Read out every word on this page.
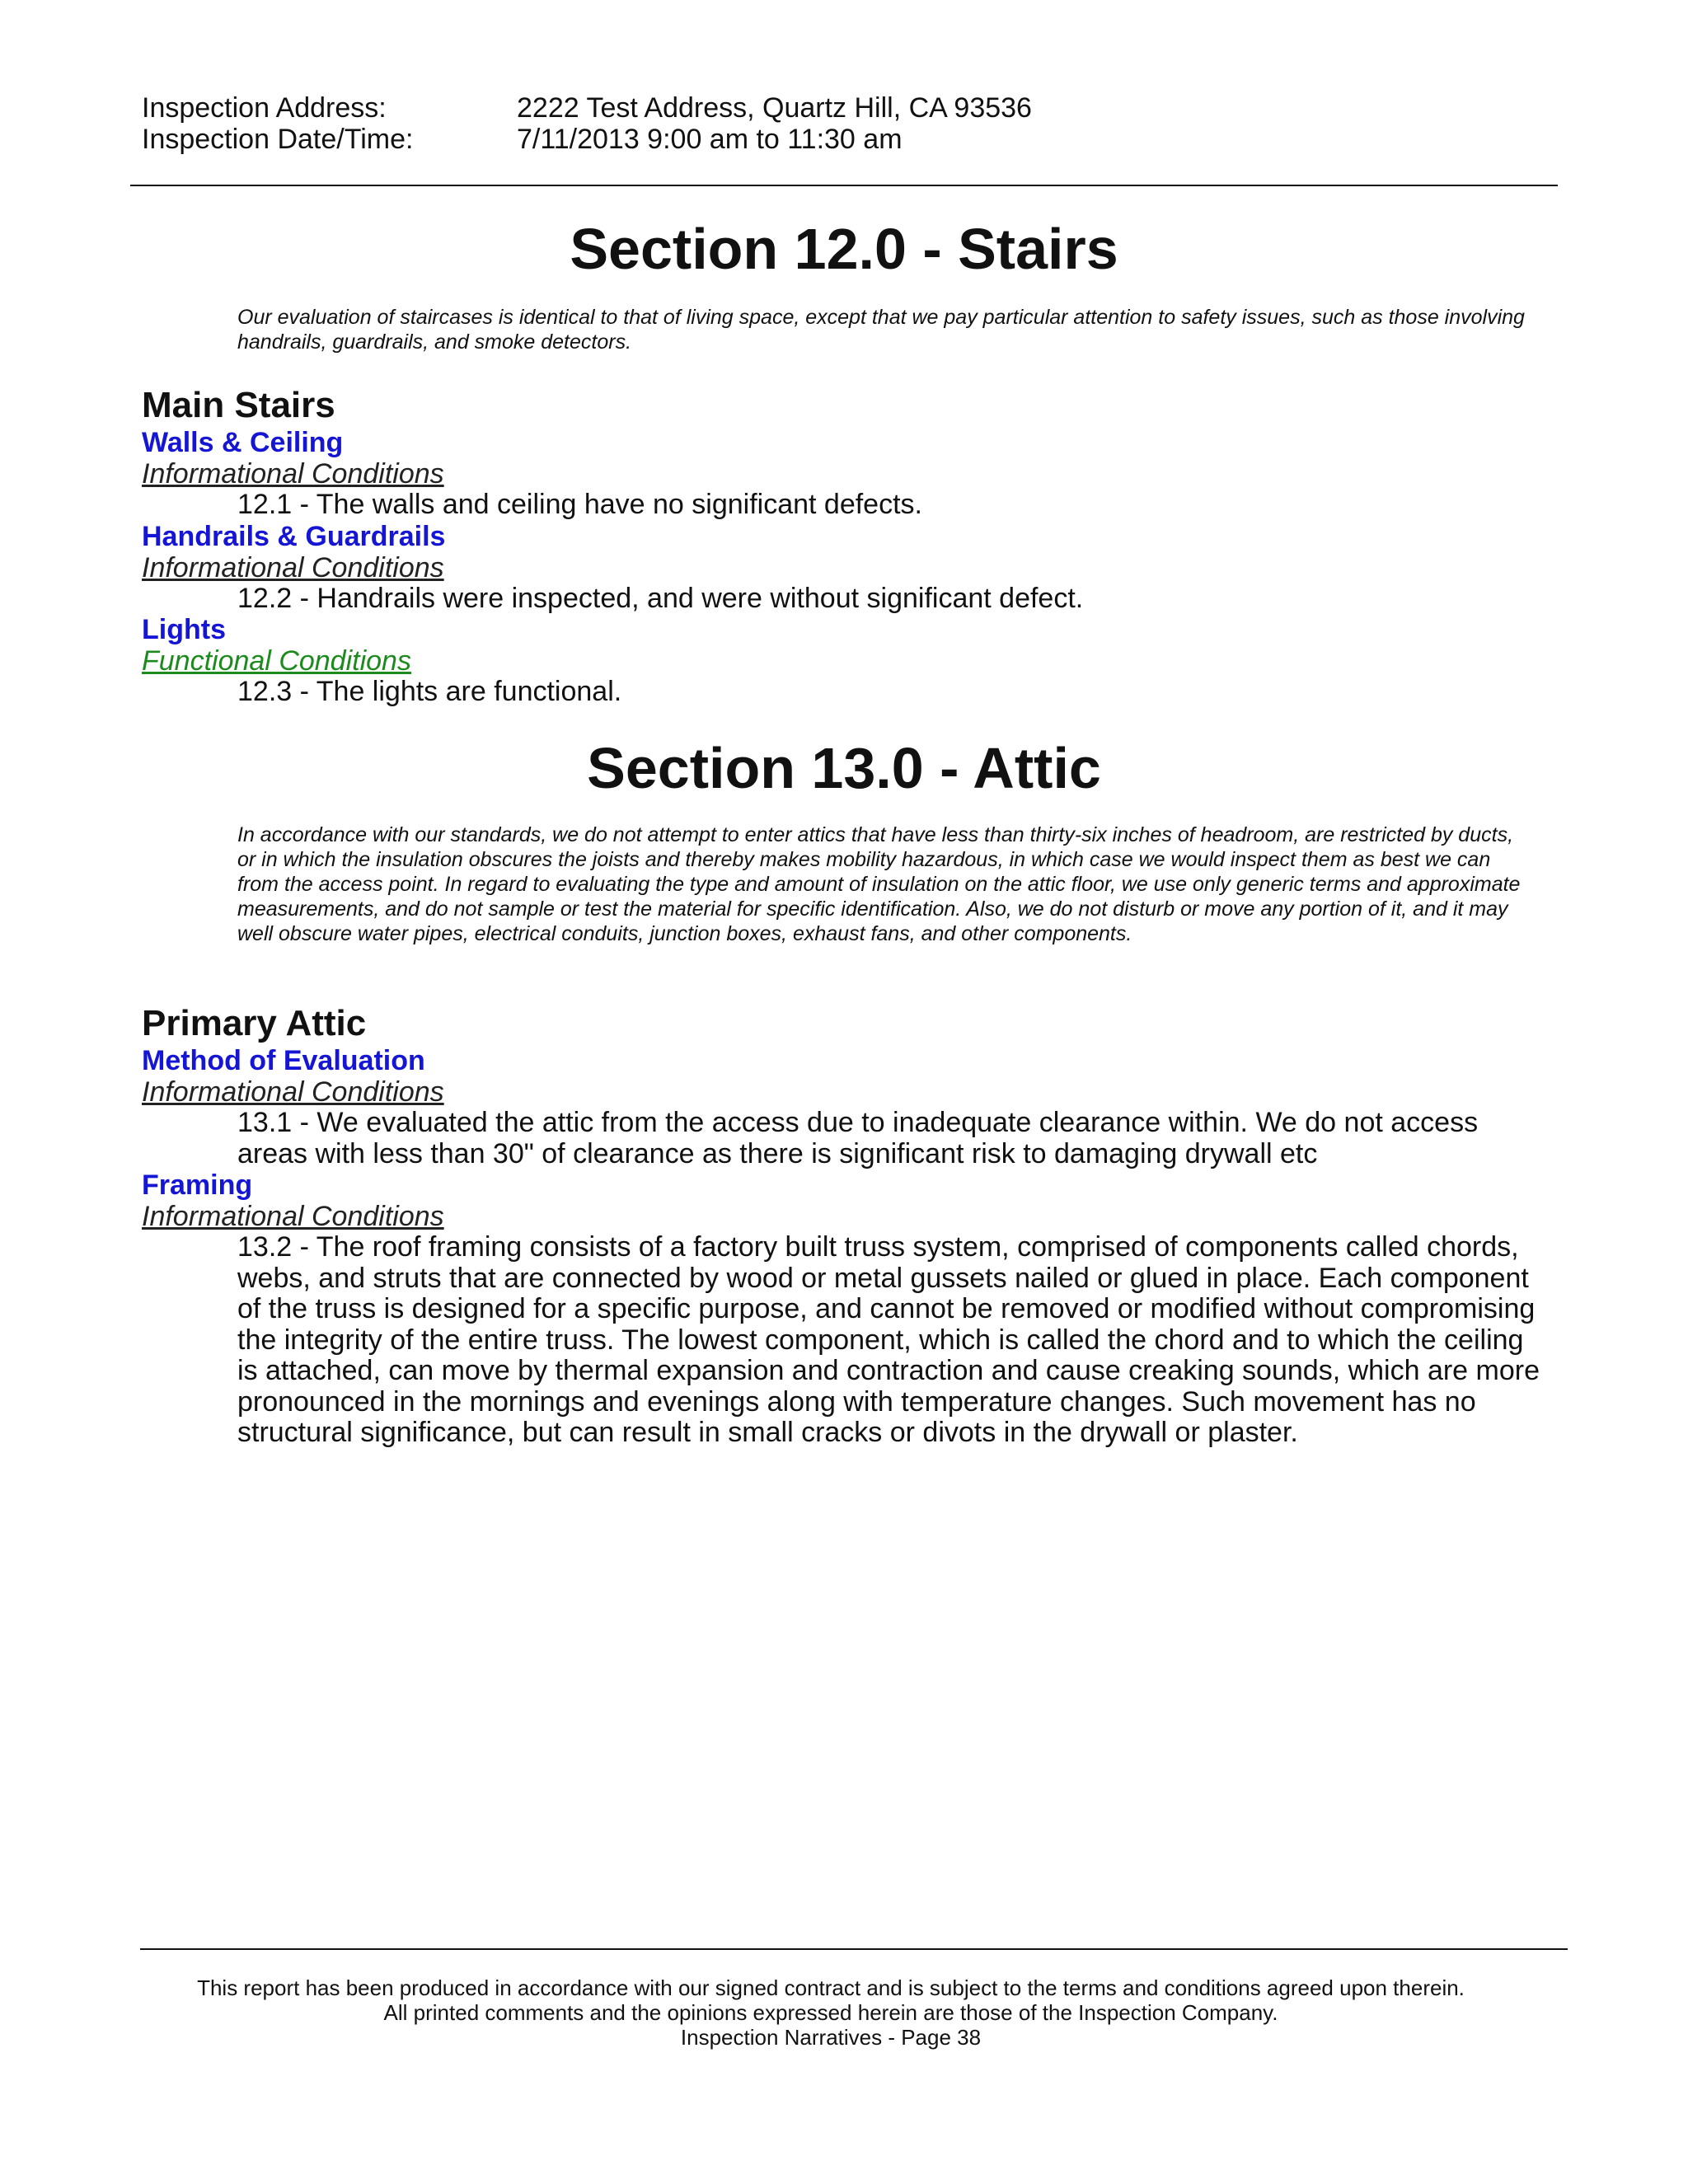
Inspection Address:	2222 Test Address, Quartz Hill, CA 93536
Inspection Date/Time:	7/11/2013 9:00 am to 11:30 am
Section 12.0 - Stairs

Our evaluation of staircases is identical to that of living space, except that we pay particular attention to safety issues, such as those involving handrails, guardrails, and smoke detectors.

Main Stairs
Walls & Ceiling
Informational Conditions
12.1 - The walls and ceiling have no significant defects.
Handrails & Guardrails
Informational Conditions
12.2 - Handrails were inspected, and were without significant defect.
Lights
Functional Conditions
12.3 - The lights are functional.
Section 13.0 - Attic

In accordance with our standards, we do not attempt to enter attics that have less than thirty-six inches of headroom, are restricted by ducts, or in which the insulation obscures the joists and thereby makes mobility hazardous, in which case we would inspect them as best we can from the access point. In regard to evaluating the type and amount of insulation on the attic floor, we use only generic terms and approximate measurements, and do not sample or test the material for specific identification. Also, we do not disturb or move any portion of it, and it may well obscure water pipes, electrical conduits, junction boxes, exhaust fans, and other components.

Primary Attic
Method of Evaluation
Informational Conditions
13.1 - We evaluated the attic from the access due to inadequate clearance within. We do not access areas with less than 30" of clearance as there is significant risk to damaging drywall etc
Framing
Informational Conditions
13.2 - The roof framing consists of a factory built truss system, comprised of components called chords, webs, and struts that are connected by wood or metal gussets nailed or glued in place. Each component of the truss is designed for a specific purpose, and cannot be removed or modified without compromising the integrity of the entire truss. The lowest component, which is called the chord and to which the ceiling is attached, can move by thermal expansion and contraction and cause creaking sounds, which are more pronounced in the mornings and evenings along with temperature changes. Such movement has no structural significance, but can result in small cracks or divots in the drywall or plaster.
This report has been produced in accordance with our signed contract and is subject to the terms and conditions agreed upon therein.
All printed comments and the opinions expressed herein are those of the Inspection Company.
Inspection Narratives - Page 38
